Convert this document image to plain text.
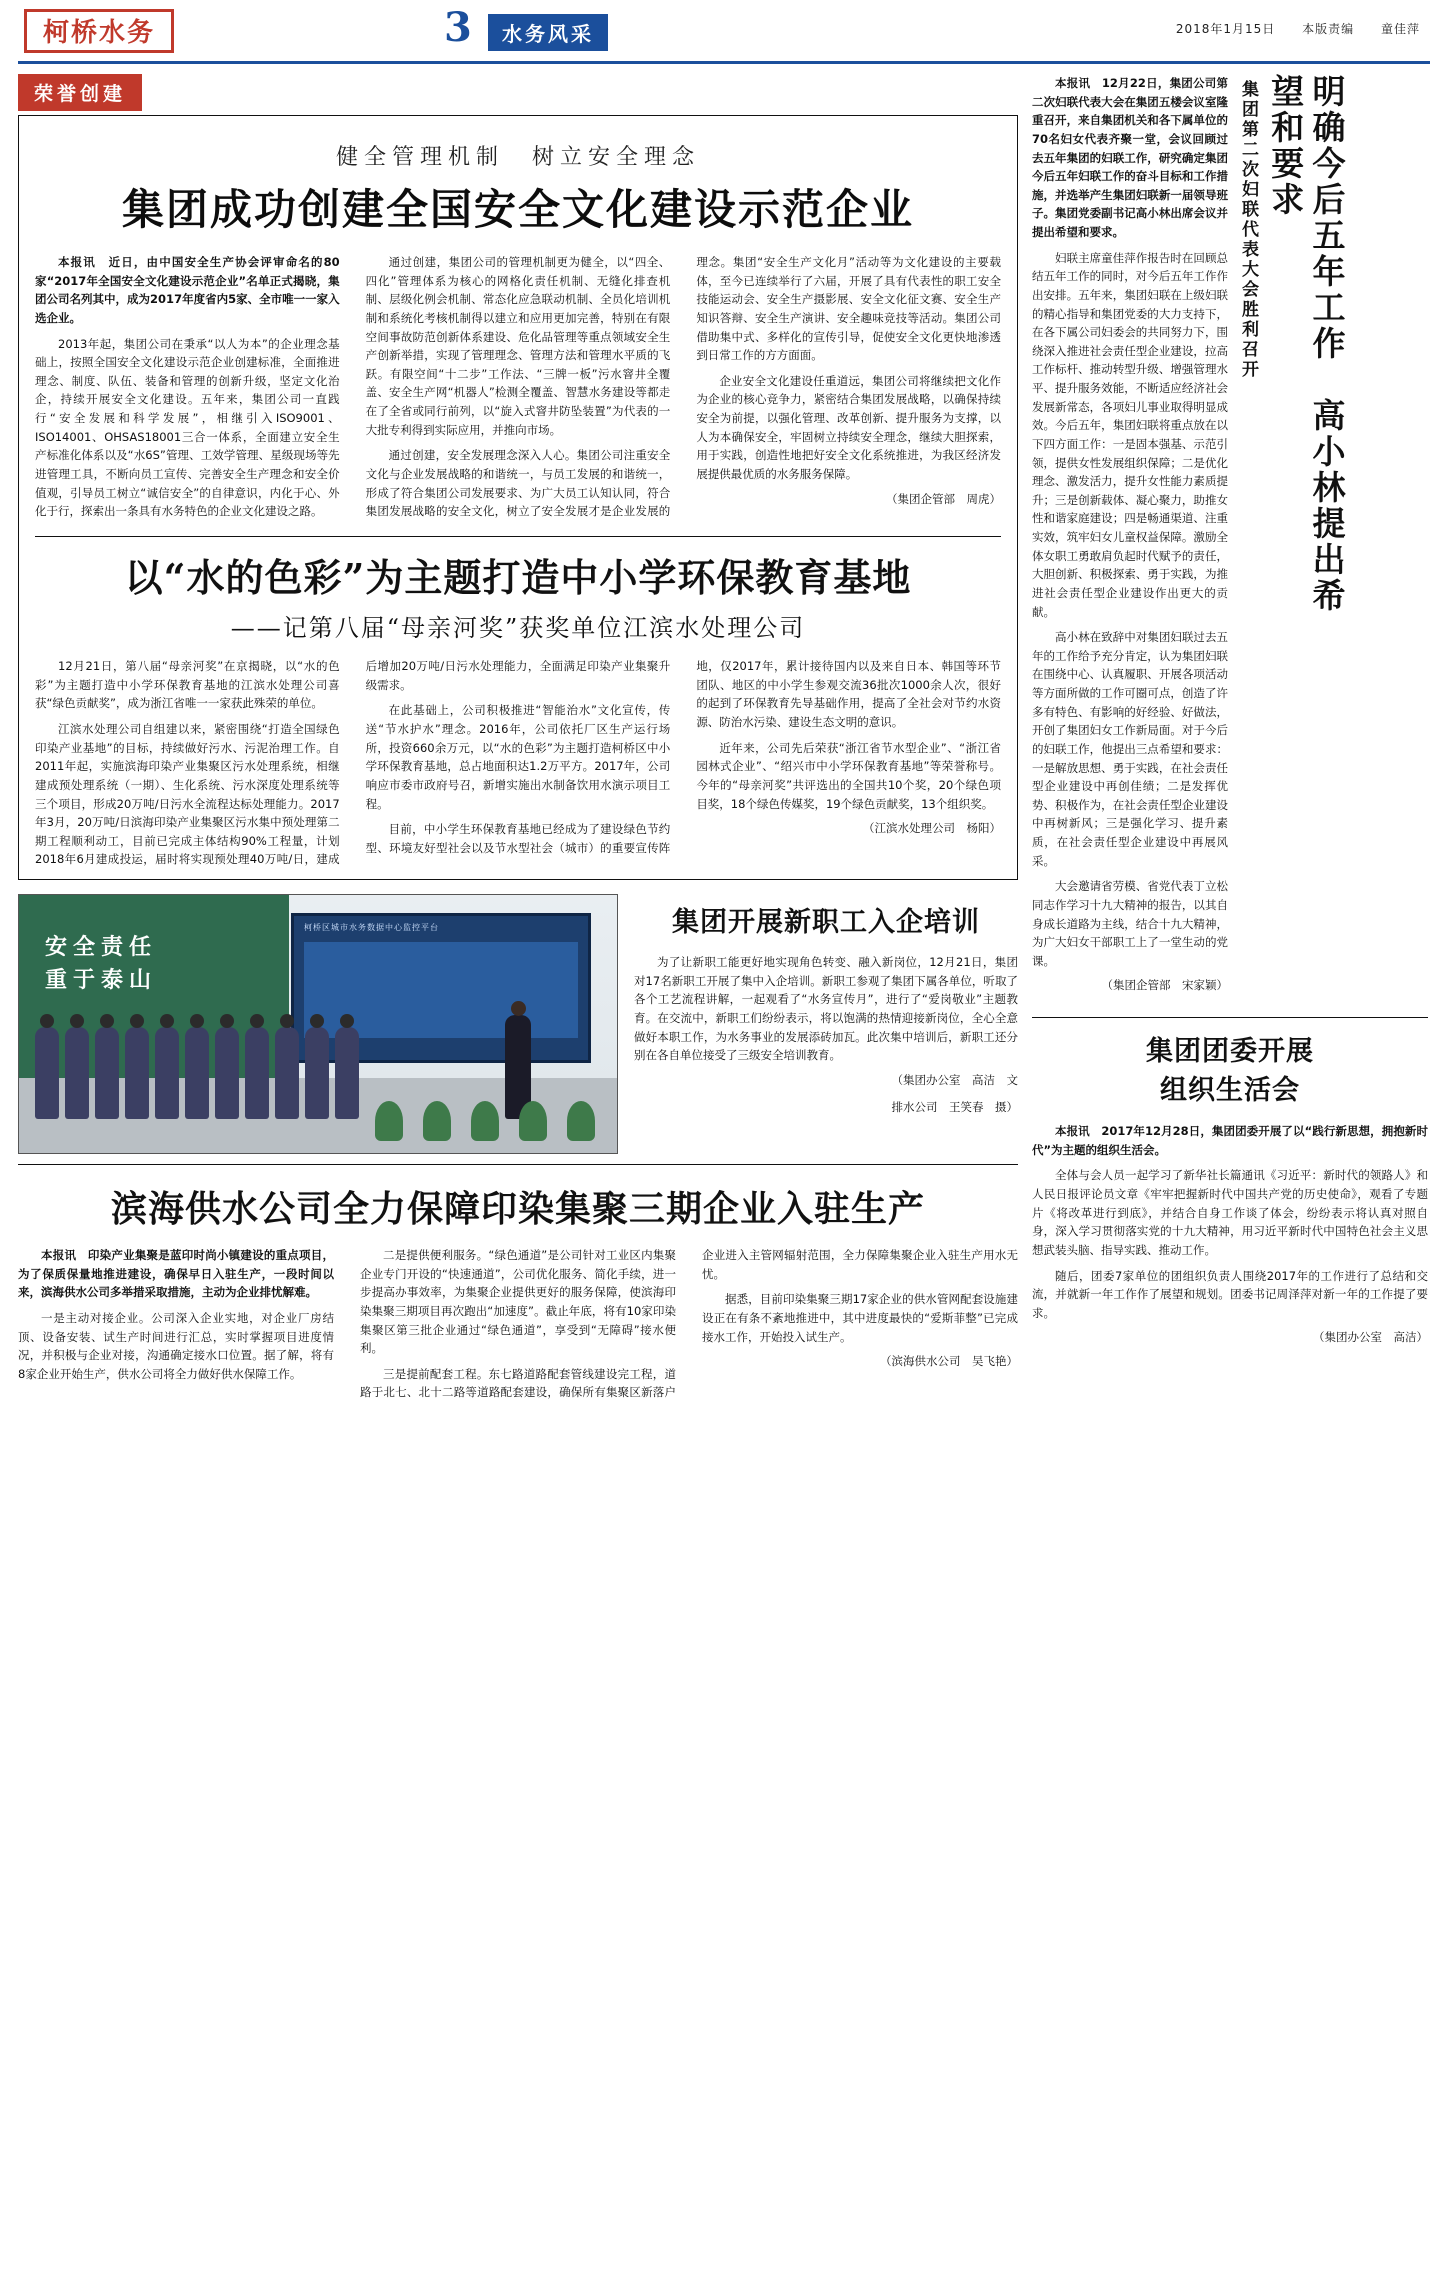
柯桥水务	3	水务风采	2018年1月15日 本版责编 童佳萍
荣誉创建
健全管理机制　树立安全理念
集团成功创建全国安全文化建设示范企业

本报讯　近日，由中国安全生产协会评审命名的80家“2017年全国安全文化建设示范企业”名单正式揭晓，集团公司名列其中，成为2017年度省内5家、全市唯一一家入选企业。

2013年起，集团公司在秉承“以人为本”的企业理念基础上，按照全国安全文化建设示范企业创建标准，全面推进理念、制度、队伍、装备和管理的创新升级，坚定文化治企，持续开展安全文化建设。五年来，集团公司一直践行“安全发展和科学发展”，相继引入ISO9001、ISO14001、OHSAS18001三合一体系，全面建立安全生产标准化体系以及“水6S”管理、工效学管理、星级现场等先进管理工具，不断向员工宣传、完善安全生产理念和安全价值观，引导员工树立“诚信安全”的自律意识，内化于心、外化于行，探索出一条具有水务特色的企业文化建设之路。

通过创建，集团公司的管理机制更为健全，以“四全、四化”管理体系为核心的网格化责任机制、无缝化排查机制、层级化例会机制、常态化应急联动机制、全员化培训机制和系统化考核机制得以建立和应用更加完善，特别在有限空间事故防范创新体系建设、危化品管理等重点领域安全生产创新举措，实现了管理理念、管理方法和管理水平质的飞跃。有限空间“十二步”工作法、“三牌一板”污水窨井全覆盖、安全生产网“机器人”检测全覆盖、智慧水务建设等都走在了全省或同行前列，以“旋入式窨井防坠装置”为代表的一大批专利得到实际应用，并推向市场。

通过创建，安全发展理念深入人心。集团公司注重安全文化与企业发展战略的和谐统一，与员工发展的和谐统一，形成了符合集团公司发展要求、为广大员工认知认同，符合集团发展战略的安全文化，树立了安全发展才是企业发展的理念。集团“安全生产文化月”活动等为文化建设的主要载体，至今已连续举行了六届，开展了具有代表性的职工安全技能运动会、安全生产摄影展、安全文化征文赛、安全生产知识答辩、安全生产演讲、安全趣味竞技等活动。集团公司借助集中式、多样化的宣传引导，促使安全文化更快地渗透到日常工作的方方面面。

企业安全文化建设任重道远，集团公司将继续把文化作为企业的核心竞争力，紧密结合集团发展战略，以确保持续安全为前提，以强化管理、改革创新、提升服务为支撑，以人为本确保安全，牢固树立持续安全理念，继续大胆探索，用于实践，创造性地把好安全文化系统推进，为我区经济发展提供最优质的水务服务保障。

（集团企管部　周虎）

以“水的色彩”为主题打造中小学环保教育基地
——记第八届“母亲河奖”获奖单位江滨水处理公司

12月21日，第八届“母亲河奖”在京揭晓，以“水的色彩”为主题打造中小学环保教育基地的江滨水处理公司喜获“绿色贡献奖”，成为浙江省唯一一家获此殊荣的单位。

江滨水处理公司自组建以来，紧密围绕“打造全国绿色印染产业基地”的目标，持续做好污水、污泥治理工作。自2011年起，实施滨海印染产业集聚区污水处理系统，相继建成预处理系统（一期）、生化系统、污水深度处理系统等三个项目，形成20万吨/日污水全流程达标处理能力。2017年3月，20万吨/日滨海印染产业集聚区污水集中预处理第二期工程顺利动工，目前已完成主体结构90%工程量，计划2018年6月建成投运，届时将实现预处理40万吨/日，建成后增加20万吨/日污水处理能力，全面满足印染产业集聚升级需求。

在此基础上，公司积极推进“智能治水”文化宣传，传送“节水护水”理念。2016年，公司依托厂区生产运行场所，投资660余万元，以“水的色彩”为主题打造柯桥区中小学环保教育基地，总占地面积达1.2万平方。2017年，公司响应市委市政府号召，新增实施出水制备饮用水演示项目工程。

目前，中小学生环保教育基地已经成为了建设绿色节约型、环境友好型社会以及节水型社会（城市）的重要宣传阵地，仅2017年，累计接待国内以及来自日本、韩国等环节团队、地区的中小学生参观交流36批次1000余人次，很好的起到了环保教育先导基础作用，提高了全社会对节约水资源、防治水污染、建设生态文明的意识。

近年来，公司先后荣获“浙江省节水型企业”、“浙江省园林式企业”、“绍兴市中小学环保教育基地”等荣誉称号。今年的“母亲河奖”共评选出的全国共10个奖，20个绿色项目奖，18个绿色传媒奖，19个绿色贡献奖，13个组织奖。

（江滨水处理公司　杨阳）

安全责任
重于泰山
柯桥区城市水务数据中心监控平台	集团开展新职工入企培训

为了让新职工能更好地实现角色转变、融入新岗位，12月21日，集团对17名新职工开展了集中入企培训。新职工参观了集团下属各单位，听取了各个工艺流程讲解，一起观看了“水务宣传月”，进行了“爱岗敬业”主题教育。在交流中，新职工们纷纷表示，将以饱满的热情迎接新岗位，全心全意做好本职工作，为水务事业的发展添砖加瓦。此次集中培训后，新职工还分别在各自单位接受了三级安全培训教育。

（集团办公室　高洁　文

排水公司　王笑春　摄）

滨海供水公司全力保障印染集聚三期企业入驻生产

本报讯　印染产业集聚是蓝印时尚小镇建设的重点项目，为了保质保量地推进建设，确保早日入驻生产，一段时间以来，滨海供水公司多举措采取措施，主动为企业排忧解难。

一是主动对接企业。公司深入企业实地，对企业厂房结顶、设备安装、试生产时间进行汇总，实时掌握项目进度情况，并积极与企业对接，沟通确定接水口位置。据了解，将有8家企业开始生产，供水公司将全力做好供水保障工作。

二是提供便利服务。“绿色通道”是公司针对工业区内集聚企业专门开设的“快速通道”，公司优化服务、简化手续，进一步提高办事效率，为集聚企业提供更好的服务保障，使滨海印染集聚三期项目再次跑出“加速度”。截止年底，将有10家印染集聚区第三批企业通过“绿色通道”，享受到“无障碍”接水便利。

三是提前配套工程。东七路道路配套管线建设完工程，道路于北七、北十二路等道路配套建设，确保所有集聚区新落户企业进入主管网辐射范围，全力保障集聚企业入驻生产用水无忧。

据悉，目前印染集聚三期17家企业的供水管网配套设施建设正在有条不紊地推进中，其中进度最快的“爱斯菲整”已完成接水工作，开始投入试生产。

（滨海供水公司　吴飞艳）

本报讯　12月22日，集团公司第二次妇联代表大会在集团五楼会议室隆重召开，来自集团机关和各下属单位的70名妇女代表齐聚一堂，会议回顾过去五年集团的妇联工作，研究确定集团今后五年妇联工作的奋斗目标和工作措施，并选举产生集团妇联新一届领导班子。集团党委副书记高小林出席会议并提出希望和要求。

妇联主席童佳萍作报告时在回顾总结五年工作的同时，对今后五年工作作出安排。五年来，集团妇联在上级妇联的精心指导和集团党委的大力支持下，在各下属公司妇委会的共同努力下，围绕深入推进社会责任型企业建设，拉高工作标杆、推动转型升级、增强管理水平、提升服务效能，不断适应经济社会发展新常态，各项妇儿事业取得明显成效。今后五年，集团妇联将重点放在以下四方面工作：一是固本强基、示范引领，提供女性发展组织保障；二是优化理念、激发活力，提升女性能力素质提升；三是创新载体、凝心聚力，助推女性和谐家庭建设；四是畅通渠道、注重实效，筑牢妇女儿童权益保障。激励全体女职工勇敢肩负起时代赋予的责任，大胆创新、积极探索、勇于实践，为推进社会责任型企业建设作出更大的贡献。

高小林在致辞中对集团妇联过去五年的工作给予充分肯定，认为集团妇联在围绕中心、认真履职、开展各项活动等方面所做的工作可圈可点，创造了许多有特色、有影响的好经验、好做法，开创了集团妇女工作新局面。对于今后的妇联工作，他提出三点希望和要求：一是解放思想、勇于实践，在社会责任型企业建设中再创佳绩；二是发挥优势、积极作为，在社会责任型企业建设中再树新风；三是强化学习、提升素质，在社会责任型企业建设中再展风采。

大会邀请省劳模、省党代表丁立松同志作学习十九大精神的报告，以其自身成长道路为主线，结合十九大精神，为广大妇女干部职工上了一堂生动的党课。

（集团企管部　宋家颖）

集团第二次妇联代表大会胜利召开	明确今后五年工作　高小林提出希望和要求
集团团委开展
组织生活会

本报讯　2017年12月28日，集团团委开展了以“践行新思想，拥抱新时代”为主题的组织生活会。

全体与会人员一起学习了新华社长篇通讯《习近平：新时代的领路人》和人民日报评论员文章《牢牢把握新时代中国共产党的历史使命》，观看了专题片《将改革进行到底》，并结合自身工作谈了体会，纷纷表示将认真对照自身，深入学习贯彻落实党的十九大精神，用习近平新时代中国特色社会主义思想武装头脑、指导实践、推动工作。

随后，团委7家单位的团组织负责人围绕2017年的工作进行了总结和交流，并就新一年工作作了展望和规划。团委书记周泽萍对新一年的工作提了要求。

（集团办公室　高洁）
